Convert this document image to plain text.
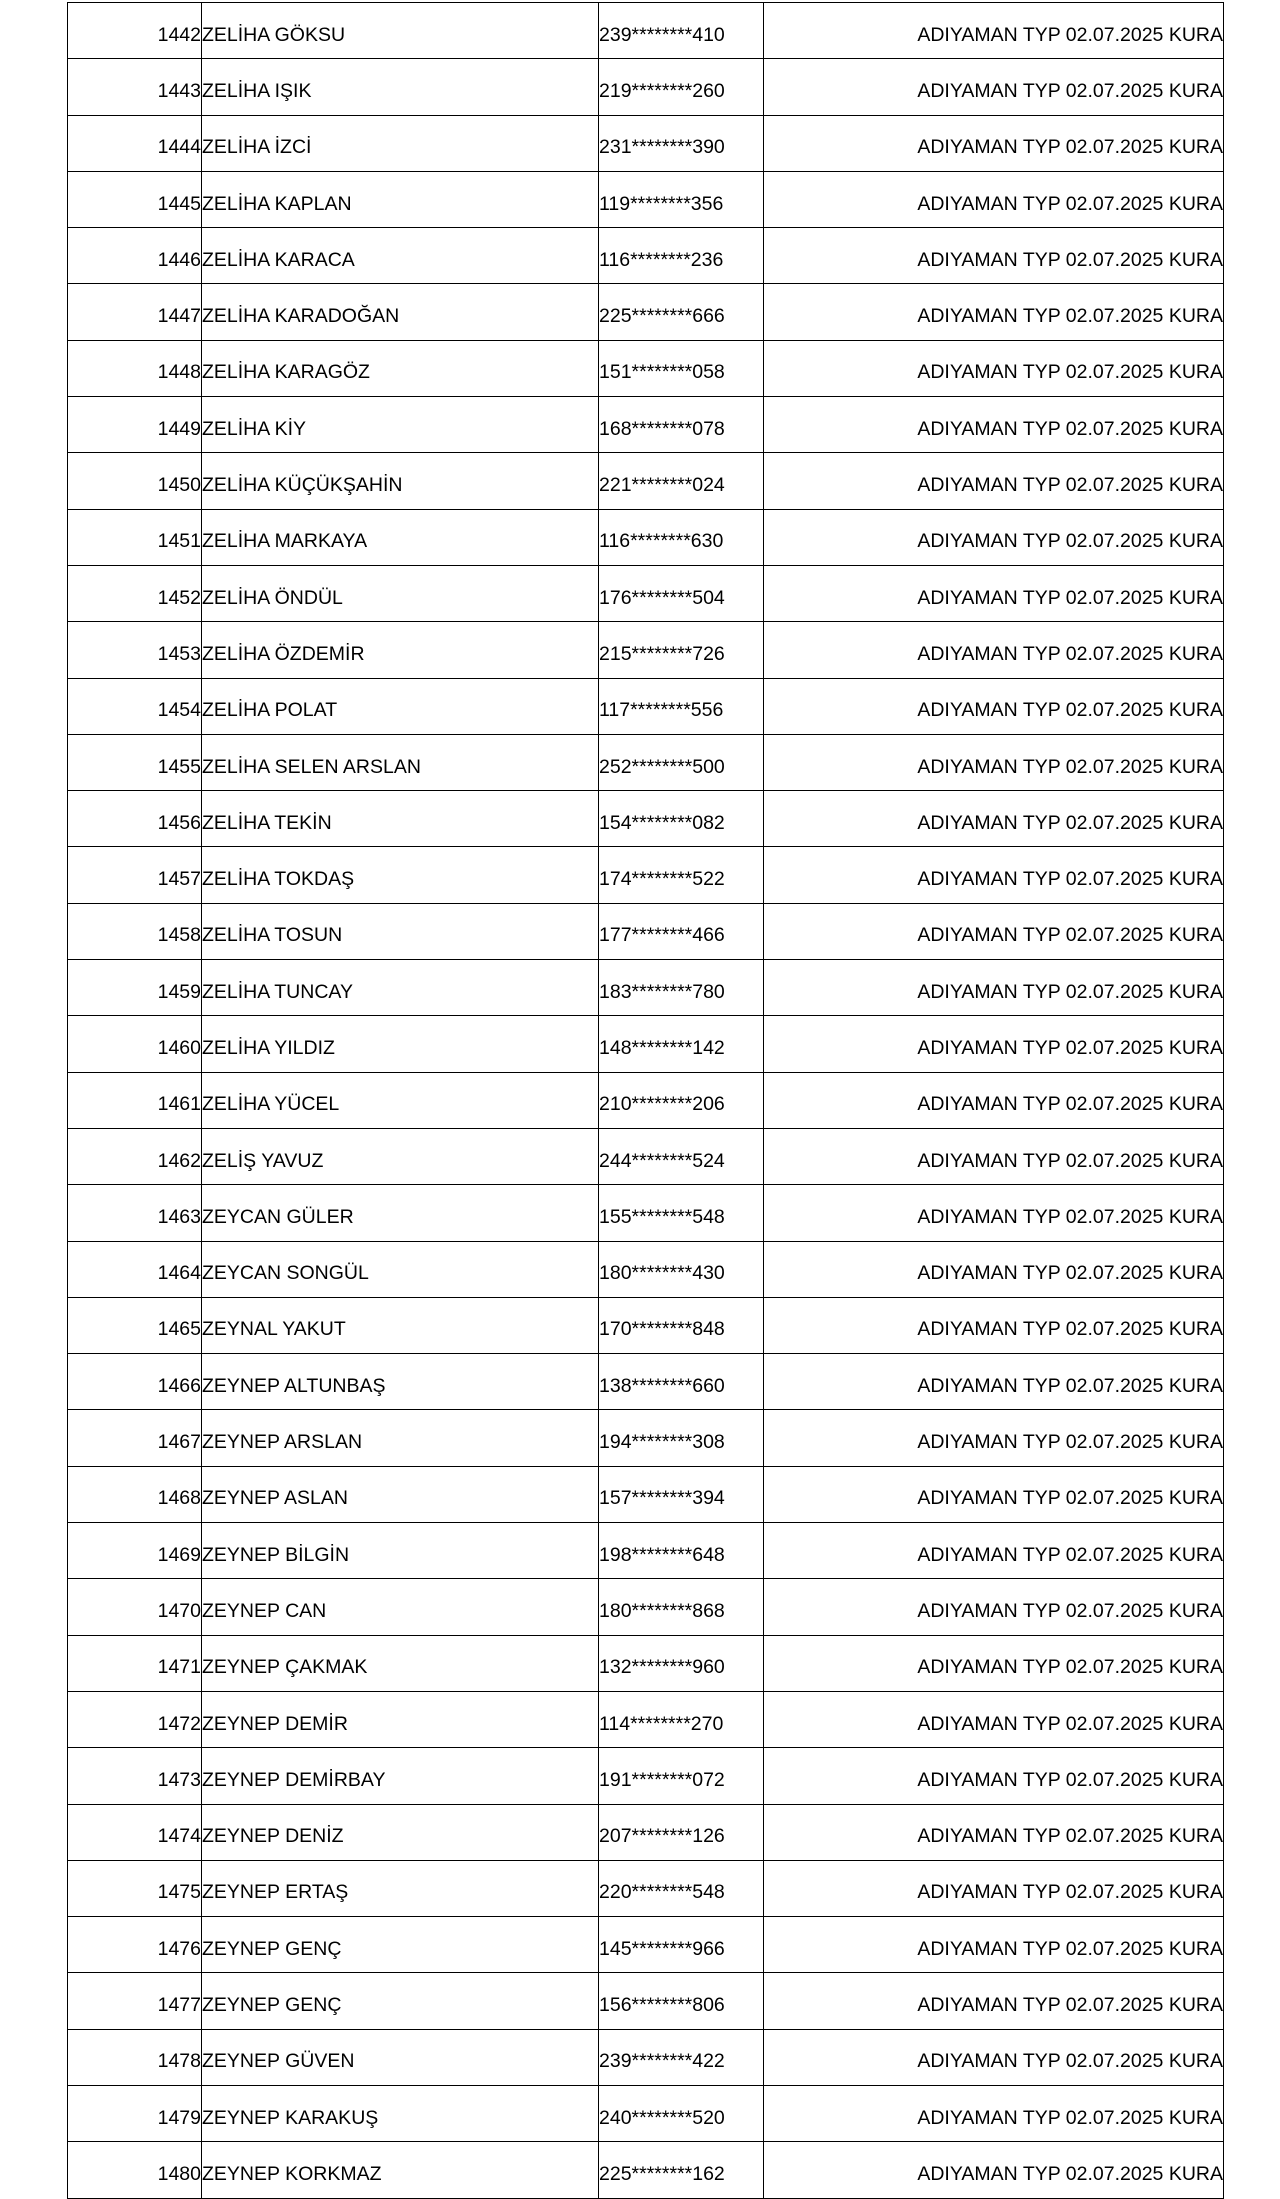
1442	ZELİHA GÖKSU	239********410	ADIYAMAN TYP 02.07.2025 KURA
1443	ZELİHA IŞIK	219********260	ADIYAMAN TYP 02.07.2025 KURA
1444	ZELİHA İZCİ	231********390	ADIYAMAN TYP 02.07.2025 KURA
1445	ZELİHA KAPLAN	119********356	ADIYAMAN TYP 02.07.2025 KURA
1446	ZELİHA KARACA	116********236	ADIYAMAN TYP 02.07.2025 KURA
1447	ZELİHA KARADOĞAN	225********666	ADIYAMAN TYP 02.07.2025 KURA
1448	ZELİHA KARAGÖZ	151********058	ADIYAMAN TYP 02.07.2025 KURA
1449	ZELİHA KİY	168********078	ADIYAMAN TYP 02.07.2025 KURA
1450	ZELİHA KÜÇÜKŞAHİN	221********024	ADIYAMAN TYP 02.07.2025 KURA
1451	ZELİHA MARKAYA	116********630	ADIYAMAN TYP 02.07.2025 KURA
1452	ZELİHA ÖNDÜL	176********504	ADIYAMAN TYP 02.07.2025 KURA
1453	ZELİHA ÖZDEMİR	215********726	ADIYAMAN TYP 02.07.2025 KURA
1454	ZELİHA POLAT	117********556	ADIYAMAN TYP 02.07.2025 KURA
1455	ZELİHA SELEN ARSLAN	252********500	ADIYAMAN TYP 02.07.2025 KURA
1456	ZELİHA TEKİN	154********082	ADIYAMAN TYP 02.07.2025 KURA
1457	ZELİHA TOKDAŞ	174********522	ADIYAMAN TYP 02.07.2025 KURA
1458	ZELİHA TOSUN	177********466	ADIYAMAN TYP 02.07.2025 KURA
1459	ZELİHA TUNCAY	183********780	ADIYAMAN TYP 02.07.2025 KURA
1460	ZELİHA YILDIZ	148********142	ADIYAMAN TYP 02.07.2025 KURA
1461	ZELİHA YÜCEL	210********206	ADIYAMAN TYP 02.07.2025 KURA
1462	ZELİŞ YAVUZ	244********524	ADIYAMAN TYP 02.07.2025 KURA
1463	ZEYCAN GÜLER	155********548	ADIYAMAN TYP 02.07.2025 KURA
1464	ZEYCAN SONGÜL	180********430	ADIYAMAN TYP 02.07.2025 KURA
1465	ZEYNAL YAKUT	170********848	ADIYAMAN TYP 02.07.2025 KURA
1466	ZEYNEP ALTUNBAŞ	138********660	ADIYAMAN TYP 02.07.2025 KURA
1467	ZEYNEP ARSLAN	194********308	ADIYAMAN TYP 02.07.2025 KURA
1468	ZEYNEP ASLAN	157********394	ADIYAMAN TYP 02.07.2025 KURA
1469	ZEYNEP BİLGİN	198********648	ADIYAMAN TYP 02.07.2025 KURA
1470	ZEYNEP CAN	180********868	ADIYAMAN TYP 02.07.2025 KURA
1471	ZEYNEP ÇAKMAK	132********960	ADIYAMAN TYP 02.07.2025 KURA
1472	ZEYNEP DEMİR	114********270	ADIYAMAN TYP 02.07.2025 KURA
1473	ZEYNEP DEMİRBAY	191********072	ADIYAMAN TYP 02.07.2025 KURA
1474	ZEYNEP DENİZ	207********126	ADIYAMAN TYP 02.07.2025 KURA
1475	ZEYNEP ERTAŞ	220********548	ADIYAMAN TYP 02.07.2025 KURA
1476	ZEYNEP GENÇ	145********966	ADIYAMAN TYP 02.07.2025 KURA
1477	ZEYNEP GENÇ	156********806	ADIYAMAN TYP 02.07.2025 KURA
1478	ZEYNEP GÜVEN	239********422	ADIYAMAN TYP 02.07.2025 KURA
1479	ZEYNEP KARAKUŞ	240********520	ADIYAMAN TYP 02.07.2025 KURA
1480	ZEYNEP KORKMAZ	225********162	ADIYAMAN TYP 02.07.2025 KURA
